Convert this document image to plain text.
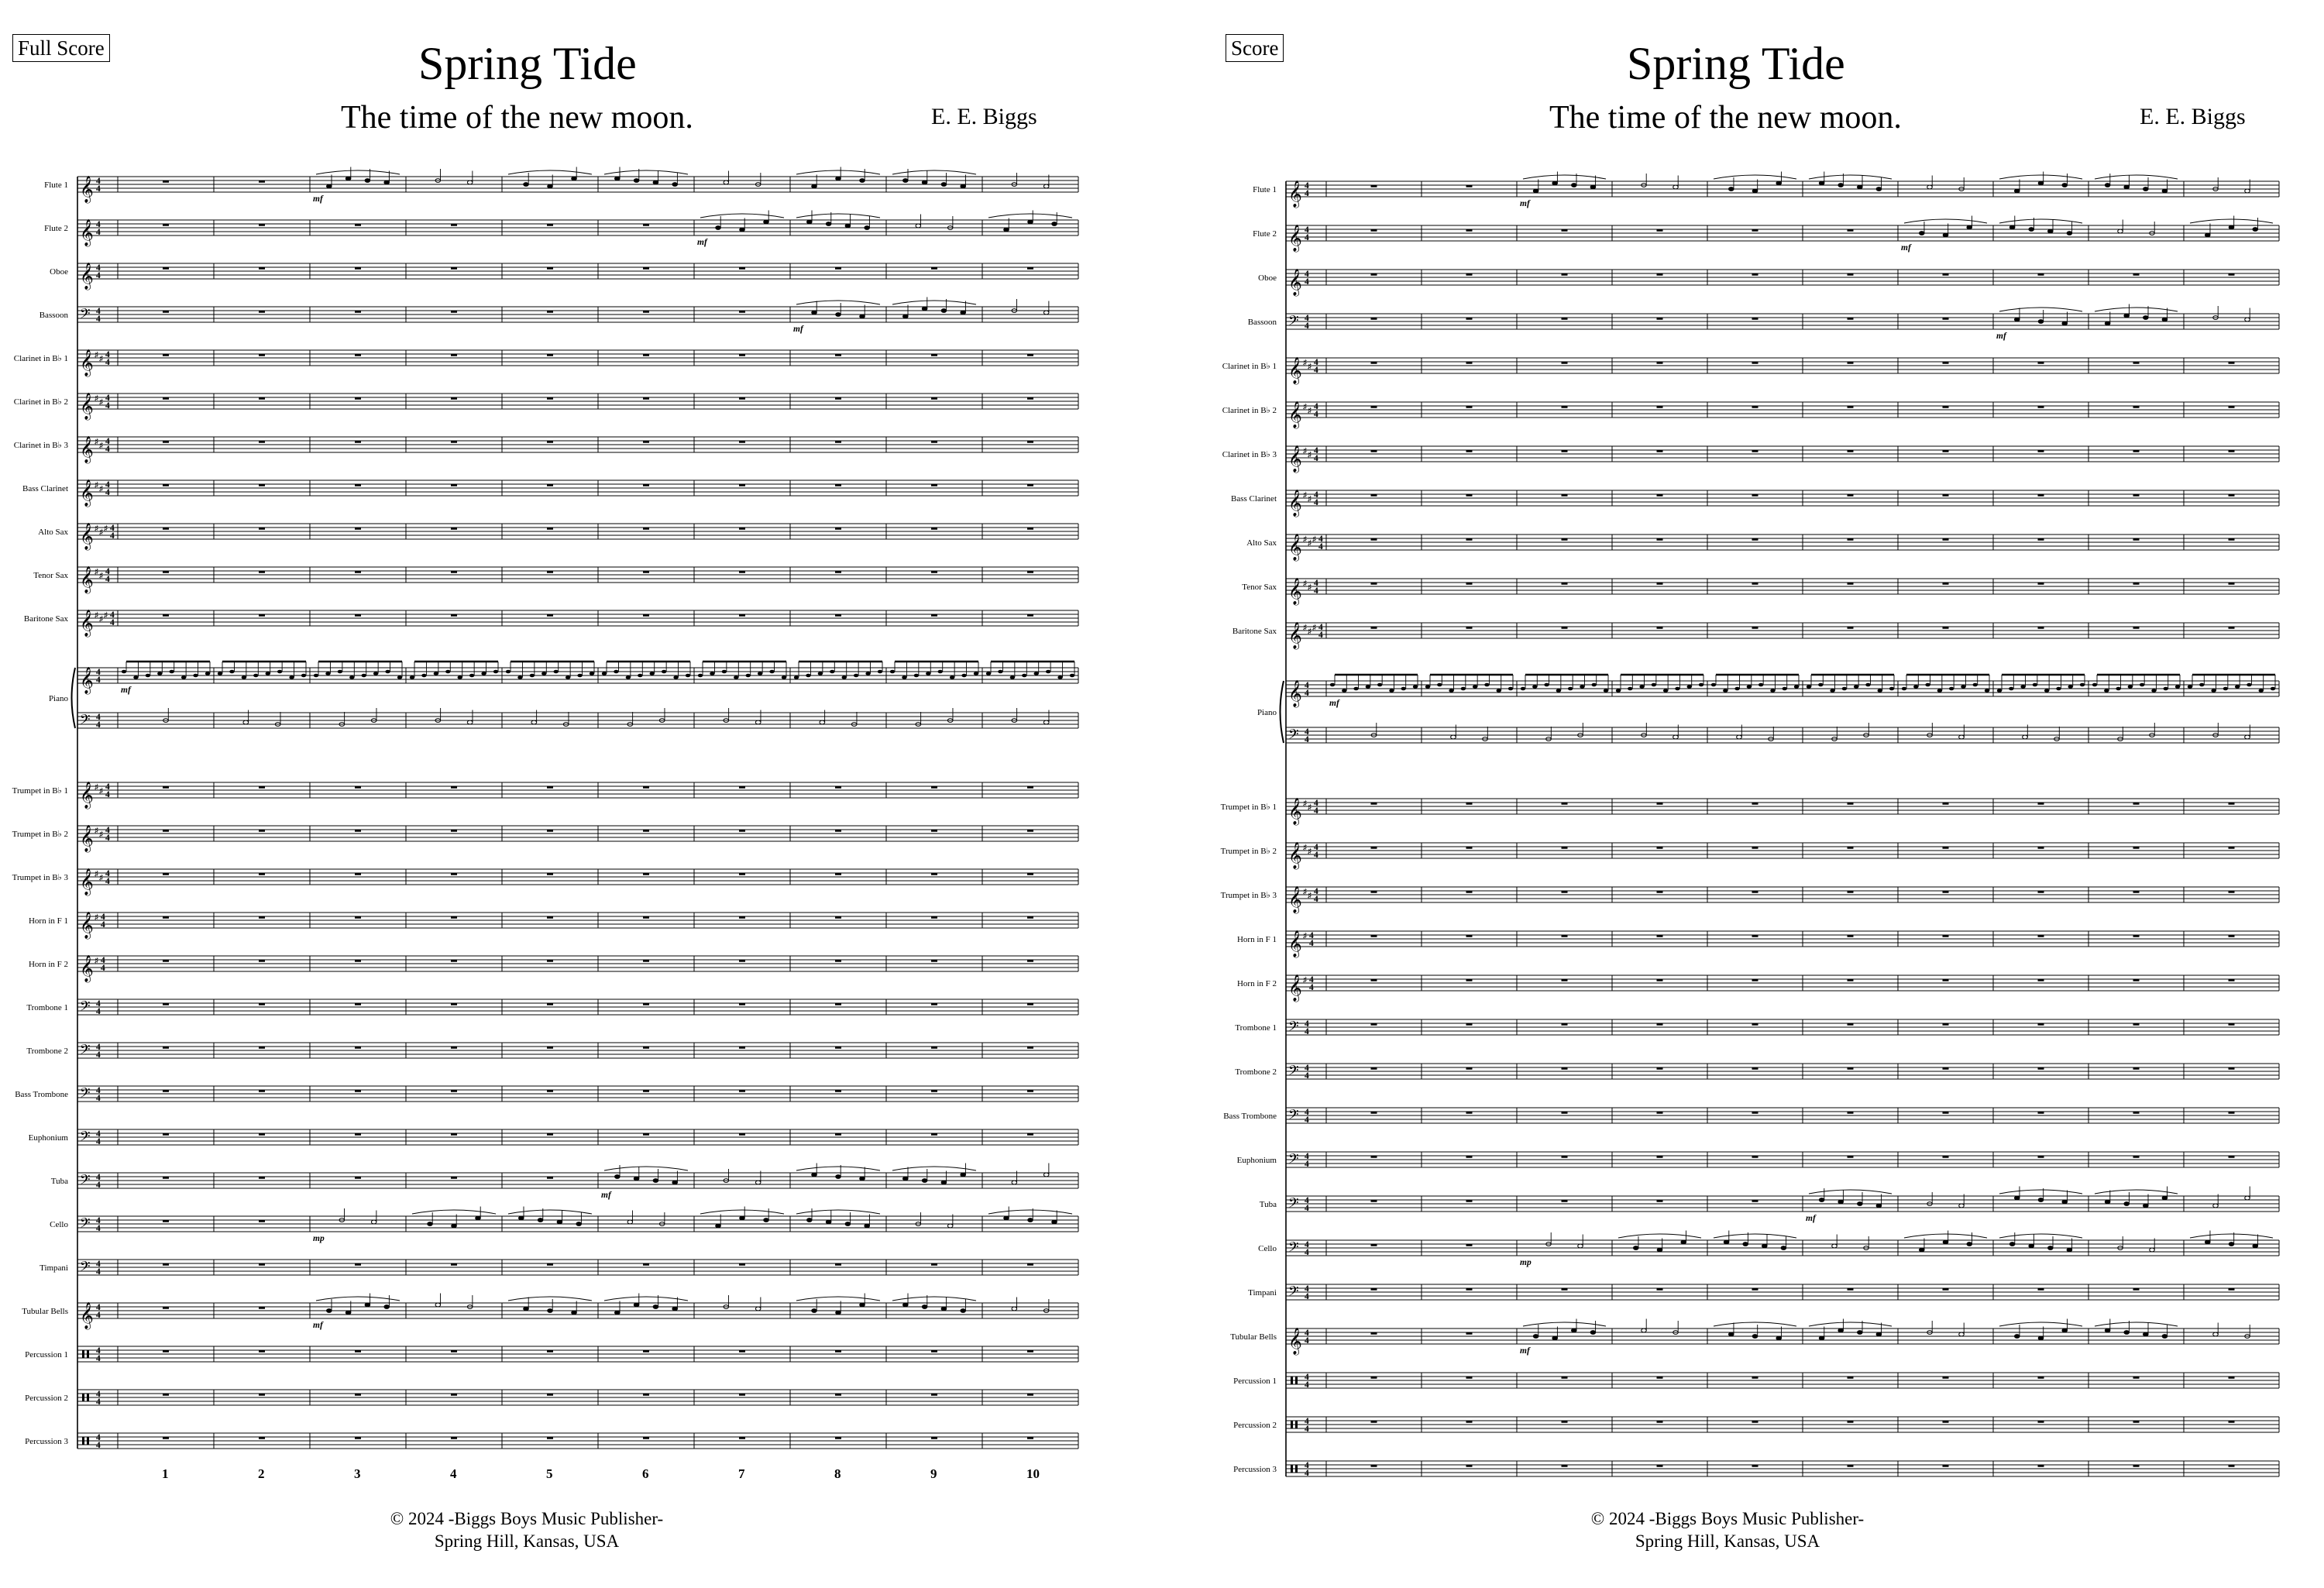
Full Score	Spring Tide
The time of the new moon.	E. E. Biggs
Flute 1 𝄞 4
4
mf
Flute 2 𝄞 4
4
mf
Oboe 𝄞 4
4
Bassoon 𝄢 4
4
mf
Clarinet in B♭ 1 𝄞 ♯ ♯ 4
4
Clarinet in B♭ 2 𝄞 ♯ ♯ 4
4
Clarinet in B♭ 3 𝄞 ♯ ♯ 4
4
Bass Clarinet 𝄞 ♯ ♯ 4
4
Alto Sax 𝄞 ♯ ♯ ♯ 4
4
Tenor Sax 𝄞 ♯ ♯ 4
4
Baritone Sax 𝄞 ♯ ♯ ♯ 4
4
Piano
𝄞 4
4
mf
𝄢 4
4
Trumpet in B♭ 1 𝄞 ♯ ♯ 4
4
Trumpet in B♭ 2 𝄞 ♯ ♯ 4
4
Trumpet in B♭ 3 𝄞 ♯ ♯ 4
4
Horn in F 1 𝄞 ♯ 4
4
Horn in F 2 𝄞 ♯ 4
4
Trombone 1 𝄢 4
4
Trombone 2 𝄢 4
4
Bass Trombone 𝄢 4
4
Euphonium 𝄢 4
4
Tuba 𝄢 4
4
mf
Cello 𝄢 4
4
mp
Timpani 𝄢 4
4
Tubular Bells 𝄞 4
4
mf
Percussion 1	4
4
Percussion 2	4
4
Percussion 3	4
4
1	2	3	4	5	6	7	8	9	10
© 2024 -Biggs Boys Music Publisher-
Spring Hill, Kansas, USA
Score	Spring Tide
The time of the new moon.	E. E. Biggs
Flute 1 𝄞 4
4
mf
Flute 2 𝄞 4
4
mf
Oboe 𝄞 4
4
Bassoon 𝄢 4
4
mf
Clarinet in B♭ 1 𝄞 ♯ ♯ 4
4
Clarinet in B♭ 2 𝄞 ♯ ♯ 4
4
Clarinet in B♭ 3 𝄞 ♯ ♯ 4
4
Bass Clarinet 𝄞 ♯ ♯ 4
4
Alto Sax 𝄞 ♯ ♯ ♯ 4
4
Tenor Sax 𝄞 ♯ ♯ 4
4
Baritone Sax 𝄞 ♯ ♯ ♯ 4
4
Piano
𝄞 4
4
mf
𝄢 4
4
Trumpet in B♭ 1 𝄞 ♯ ♯ 4
4
Trumpet in B♭ 2 𝄞 ♯ ♯ 4
4
Trumpet in B♭ 3 𝄞 ♯ ♯ 4
4
Horn in F 1 𝄞 ♯ 4
4
Horn in F 2 𝄞 ♯ 4
4
Trombone 1 𝄢 4
4
Trombone 2 𝄢 4
4
Bass Trombone 𝄢 4
4
Euphonium 𝄢 4
4
Tuba 𝄢 4
4
mf
Cello 𝄢 4
4
mp
Timpani 𝄢 4
4
Tubular Bells 𝄞 4
4
mf
Percussion 1	4
4
Percussion 2	4
4
Percussion 3	4
4
© 2024 -Biggs Boys Music Publisher-
Spring Hill, Kansas, USA
